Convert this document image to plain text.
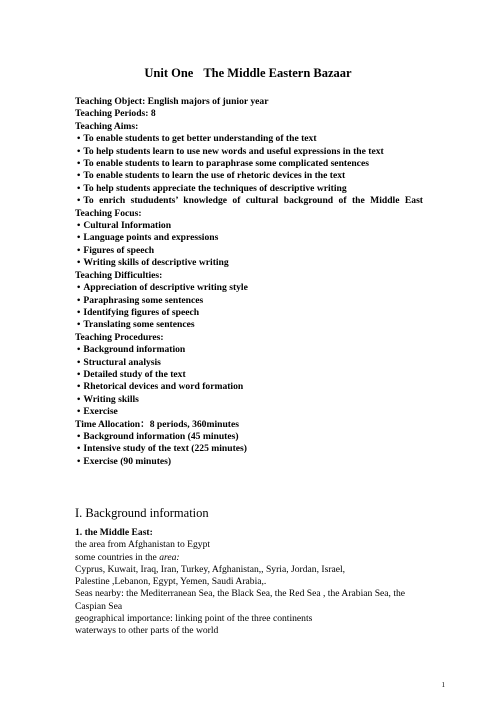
Unit One The Middle Eastern Bazaar
Teaching Object: English majors of junior year
Teaching Periods: 8
Teaching Aims:
• To enable students to get better understanding of the text
• To help students learn to use new words and useful expressions in the text
• To enable students to learn to paraphrase some complicated sentences
• To enable students to learn the use of rhetoric devices in the text
• To help students appreciate the techniques of descriptive writing
• To enrich stududents’ knowledge of cultural background of the Middle East
Teaching Focus:
• Cultural Information
• Language points and expressions
• Figures of speech
• Writing skills of descriptive writing
Teaching Difficulties:
• Appreciation of descriptive writing style
• Paraphrasing some sentences
• Identifying figures of speech
• Translating some sentences
Teaching Procedures:
• Background information
• Structural analysis
• Detailed study of the text
• Rhetorical devices and word formation
• Writing skills
• Exercise
Time Allocation：8 periods, 360minutes
• Background information (45 minutes)
• Intensive study of the text (225 minutes)
• Exercise (90 minutes)
I. Background information
1. the Middle East:
the area from Afghanistan to Egypt
some countries in the area:
Cyprus, Kuwait, Iraq, Iran, Turkey, Afghanistan,, Syria, Jordan, Israel,
Palestine ,Lebanon, Egypt, Yemen, Saudi Arabia,.
Seas nearby: the Mediterranean Sea, the Black Sea, the Red Sea , the Arabian Sea, the
Caspian Sea
geographical importance: linking point of the three continents
waterways to other parts of the world
1
